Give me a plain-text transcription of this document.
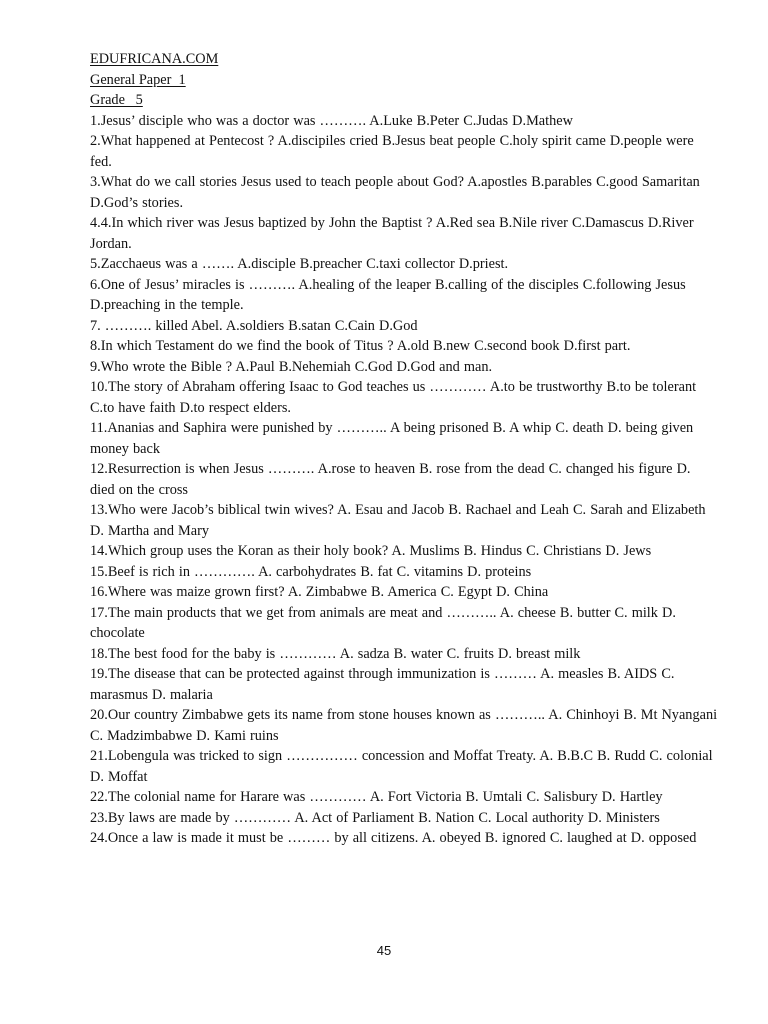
EDUFRICANA.COM
General Paper  1
Grade   5

1.Jesus’ disciple who was a doctor was ………. A.Luke B.Peter C.Judas D.Mathew

2.What happened at Pentecost ? A.discipiles cried B.Jesus beat people C.holy spirit came D.people were fed.

3.What do we call stories Jesus used to teach people about God? A.apostles B.parables C.good Samaritan D.God’s stories.

4.4.In which river was Jesus baptized by John the Baptist ? A.Red sea B.Nile river C.Damascus D.River Jordan.

5.Zacchaeus was a ……. A.disciple B.preacher C.taxi collector D.priest.

6.One of Jesus’ miracles is ………. A.healing of the leaper B.calling of the disciples C.following Jesus D.preaching in the temple.

7. ………. killed Abel. A.soldiers B.satan C.Cain D.God

8.In which Testament do we find the book of Titus ? A.old B.new C.second book D.first part.

9.Who wrote the Bible ? A.Paul B.Nehemiah C.God D.God and man.

10.The story of Abraham offering Isaac to God teaches us ………… A.to be trustworthy B.to be tolerant C.to have faith D.to respect elders.

11.Ananias and Saphira were punished by ……….. A being prisoned B. A whip C. death D. being given money back

12.Resurrection is when Jesus ………. A.rose to heaven B. rose from the dead C. changed his figure D. died on the cross

13.Who were Jacob’s biblical twin wives? A. Esau and Jacob B. Rachael and Leah C. Sarah and Elizabeth D. Martha and Mary

14.Which group uses the Koran as their holy book? A. Muslims B. Hindus C. Christians D. Jews

15.Beef is rich in …………. A. carbohydrates B. fat C. vitamins D. proteins

16.Where was maize grown first? A. Zimbabwe B. America C. Egypt D. China

17.The main products that we get from animals are meat and ……….. A. cheese B. butter C. milk D. chocolate

18.The best food for the baby is ………… A. sadza B. water C. fruits D. breast milk

19.The disease that can be protected against through immunization is ……… A. measles B. AIDS C. marasmus D. malaria

20.Our country Zimbabwe gets its name from stone houses known as ……….. A. Chinhoyi B. Mt Nyangani C. Madzimbabwe D. Kami ruins

21.Lobengula was tricked to sign …………… concession and Moffat Treaty. A. B.B.C B. Rudd C. colonial D. Moffat

22.The colonial name for Harare was ………… A. Fort Victoria B. Umtali C. Salisbury D. Hartley

23.By laws are made by ………… A. Act of Parliament B. Nation C. Local authority D. Ministers

24.Once a law is made it must be ……… by all citizens. A. obeyed B. ignored C. laughed at D. opposed

45
